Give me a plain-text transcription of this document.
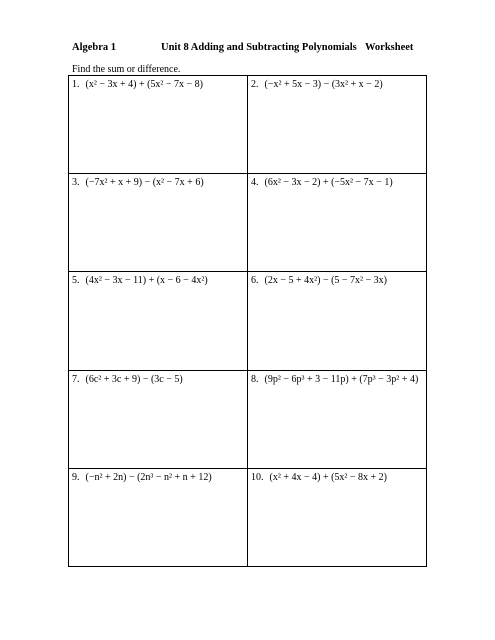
Algebra 1	Unit 8 Adding and Subtracting Polynomials Worksheet
Find the sum or difference.
1. (x² − 3x + 4) + (5x² − 7x − 8)	2. (−x² + 5x − 3) − (3x² + x − 2)

3. (−7x² + x + 9) − (x² − 7x + 6)	4. (6x² − 3x − 2) + (−5x² − 7x − 1)

5. (4x² − 3x − 11) + (x − 6 − 4x²)	6. (2x − 5 + 4x²) − (5 − 7x² − 3x)

7. (6c² + 3c + 9) − (3c − 5)	8. (9p² − 6p³ + 3 − 11p) + (7p³ − 3p² + 4)

9. (−n² + 2n) − (2n³ − n² + n + 12)	10. (x² + 4x − 4) + (5x² − 8x + 2)
